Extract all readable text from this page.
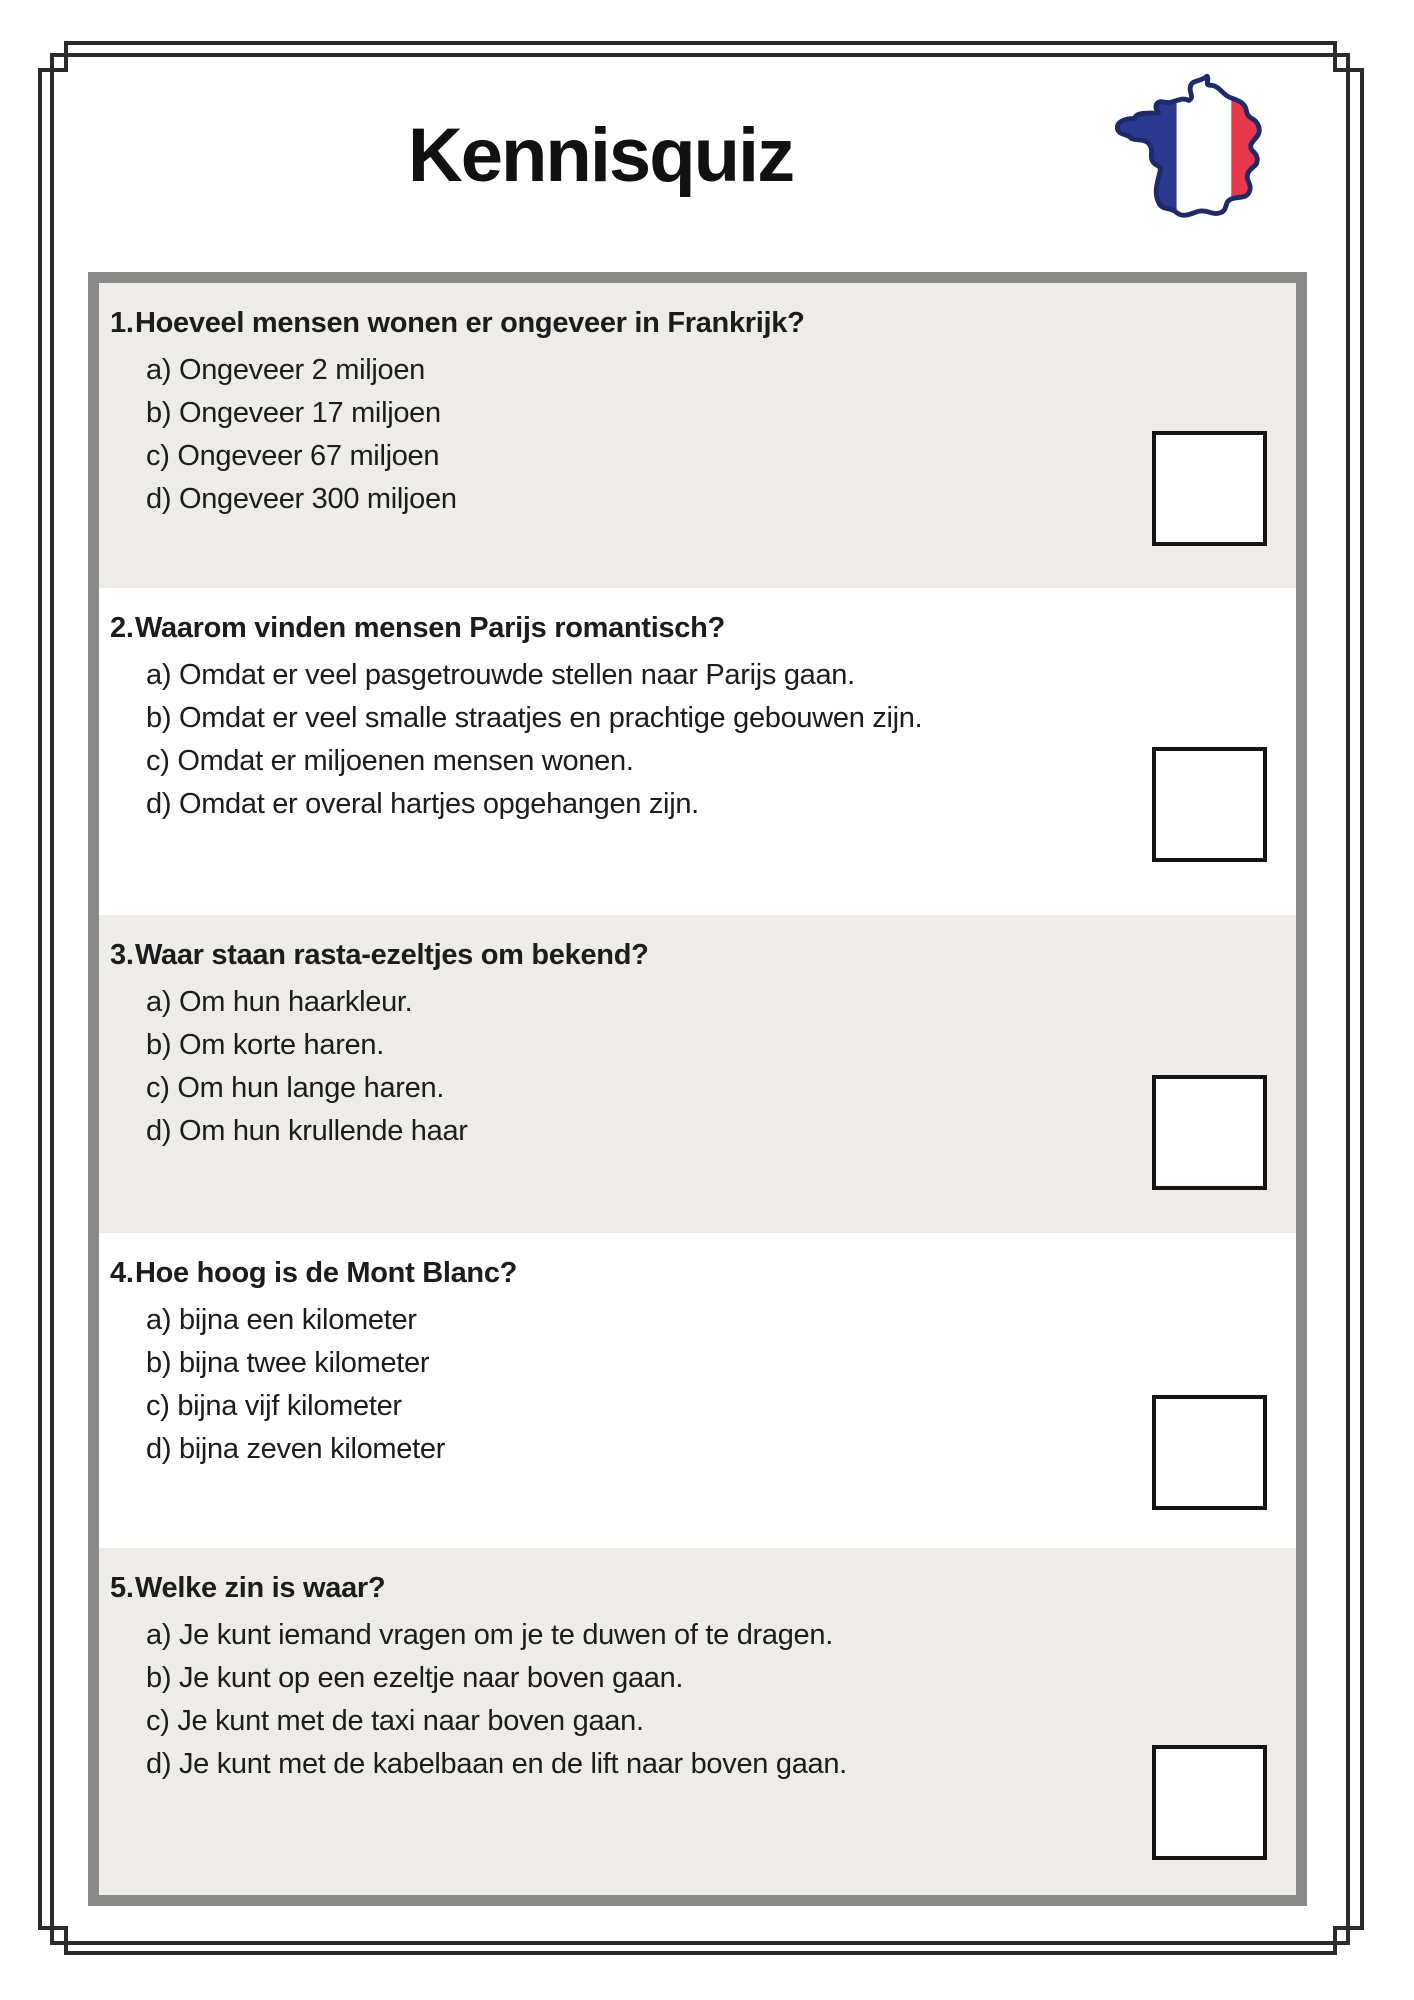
Kennisquiz
1.Hoeveel mensen wonen er ongeveer in Frankrijk?
a) Ongeveer 2 miljoen
b) Ongeveer 17 miljoen
c) Ongeveer 67 miljoen
d) Ongeveer 300 miljoen
2.Waarom vinden mensen Parijs romantisch?
a) Omdat er veel pasgetrouwde stellen naar Parijs gaan.
b) Omdat er veel smalle straatjes en prachtige gebouwen zijn.
c) Omdat er miljoenen mensen wonen.
d) Omdat er overal hartjes opgehangen zijn.
3.Waar staan rasta-ezeltjes om bekend?
a) Om hun haarkleur.
b) Om korte haren.
c) Om hun lange haren.
d) Om hun krullende haar
4.Hoe hoog is de Mont Blanc?
a) bijna een kilometer
b) bijna twee kilometer
c) bijna vijf kilometer
d) bijna zeven kilometer
5.Welke zin is waar?
a) Je kunt iemand vragen om je te duwen of te dragen.
b) Je kunt op een ezeltje naar boven gaan.
c) Je kunt met de taxi naar boven gaan.
d) Je kunt met de kabelbaan en de lift naar boven gaan.
